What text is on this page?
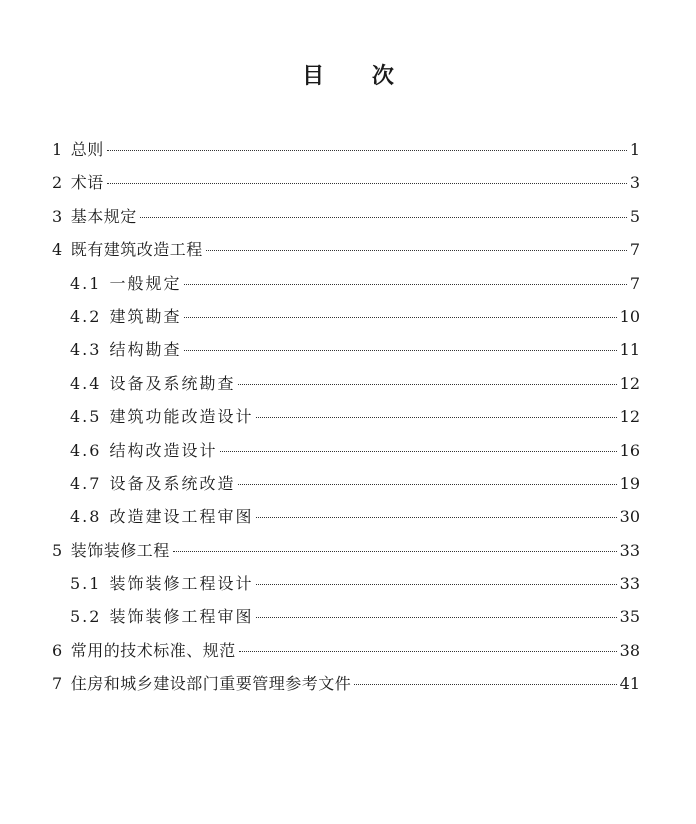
目 次
1 总则	1
2 术语	3
3 基本规定	5
4 既有建筑改造工程	7
4.1 一般规定	7
4.2 建筑勘查	10
4.3 结构勘查	11
4.4 设备及系统勘查	12
4.5 建筑功能改造设计	12
4.6 结构改造设计	16
4.7 设备及系统改造	19
4.8 改造建设工程审图	30
5 装饰装修工程	33
5.1 装饰装修工程设计	33
5.2 装饰装修工程审图	35
6 常用的技术标准、规范	38
7 住房和城乡建设部门重要管理参考文件	41
